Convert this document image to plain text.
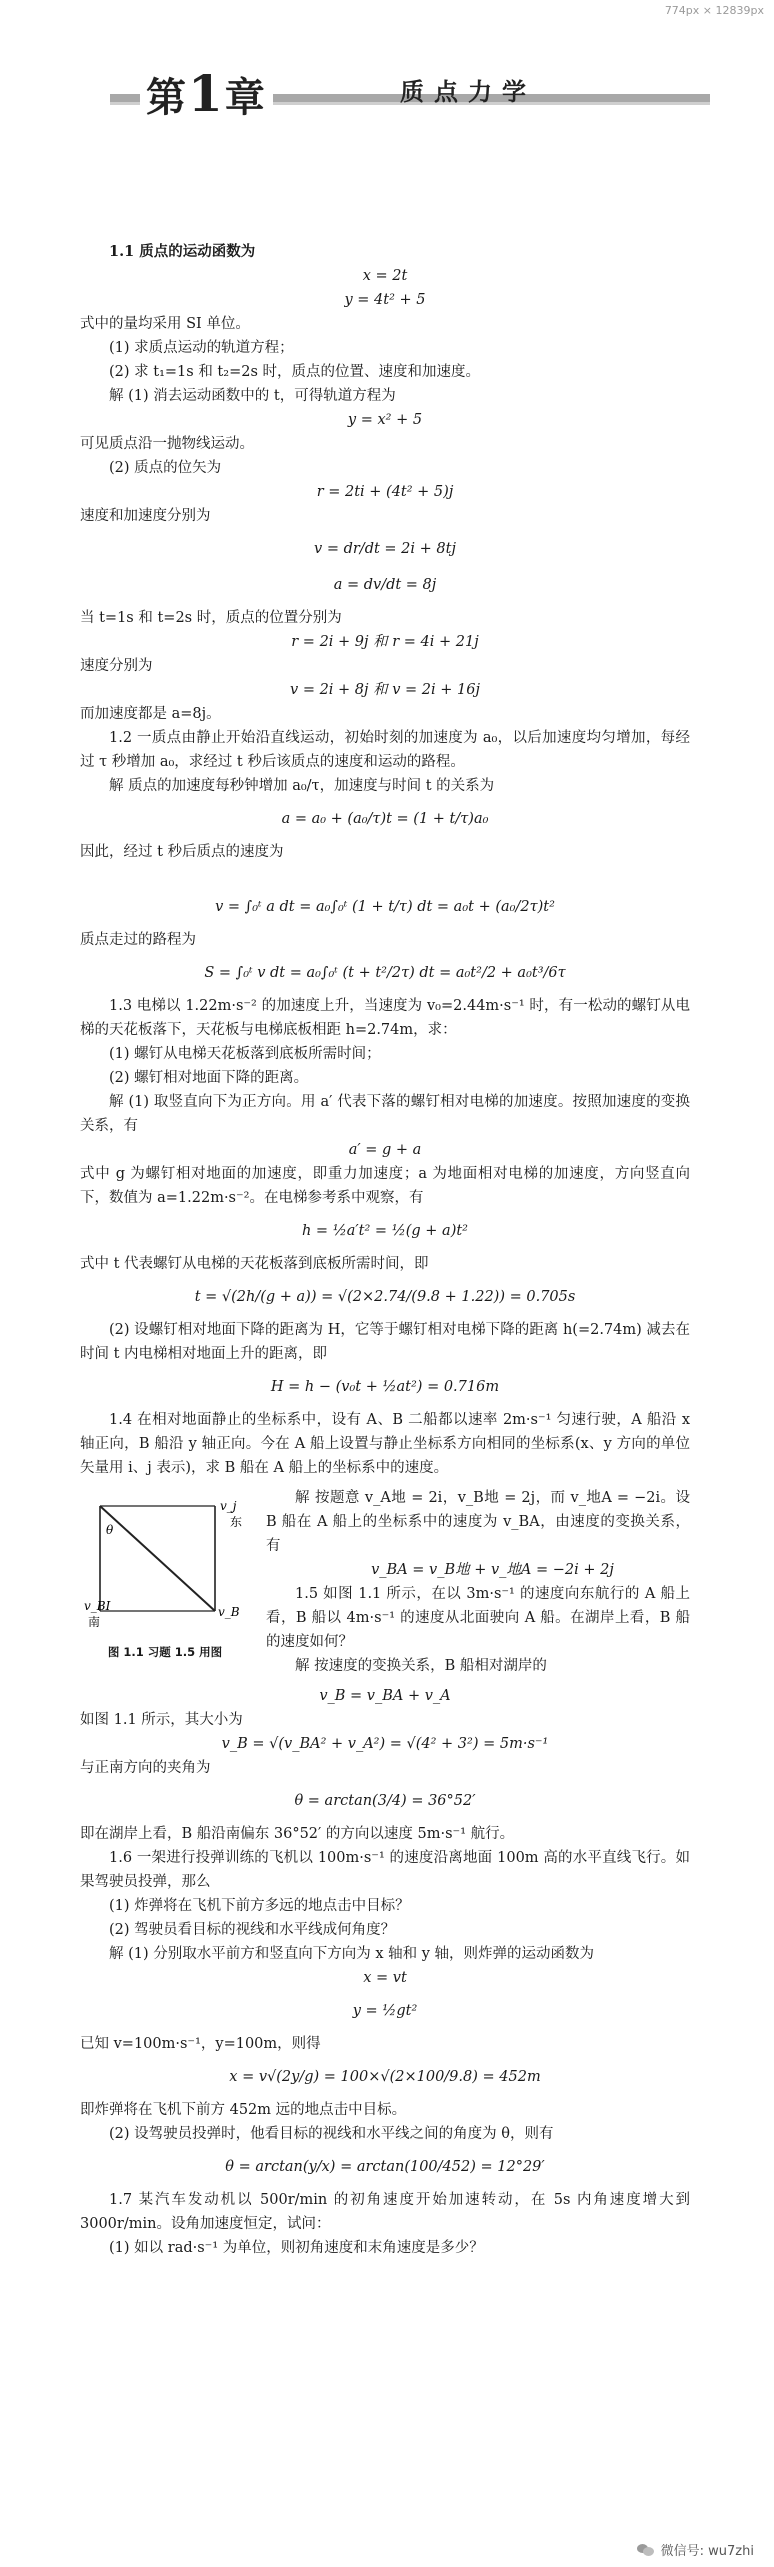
774px × 12839px
第1章	质点力学

1.1 质点的运动函数为

x = 2t
y = 4t² + 5

式中的量均采用 SI 单位。

(1) 求质点运动的轨道方程；

(2) 求 t₁=1s 和 t₂=2s 时，质点的位置、速度和加速度。

解 (1) 消去运动函数中的 t，可得轨道方程为

y = x² + 5

可见质点沿一抛物线运动。

(2) 质点的位矢为

r = 2ti + (4t² + 5)j

速度和加速度分别为

v = dr/dt = 2i + 8tj
a = dv/dt = 8j

当 t=1s 和 t=2s 时，质点的位置分别为

r = 2i + 9j 和 r = 4i + 21j

速度分别为

v = 2i + 8j 和 v = 2i + 16j

而加速度都是 a=8j。

1.2 一质点由静止开始沿直线运动，初始时刻的加速度为 a₀，以后加速度均匀增加，每经过 τ 秒增加 a₀，求经过 t 秒后该质点的速度和运动的路程。

解 质点的加速度每秒钟增加 a₀/τ，加速度与时间 t 的关系为

a = a₀ + (a₀/τ)t = (1 + t/τ)a₀

因此，经过 t 秒后质点的速度为

v = ∫₀ᵗ a dt = a₀∫₀ᵗ (1 + t/τ) dt = a₀t + (a₀/2τ)t²

质点走过的路程为

S = ∫₀ᵗ v dt = a₀∫₀ᵗ (t + t²/2τ) dt = a₀t²/2 + a₀t³/6τ

1.3 电梯以 1.22m·s⁻² 的加速度上升，当速度为 v₀=2.44m·s⁻¹ 时，有一松动的螺钉从电梯的天花板落下，天花板与电梯底板相距 h=2.74m，求：

(1) 螺钉从电梯天花板落到底板所需时间；

(2) 螺钉相对地面下降的距离。

解 (1) 取竖直向下为正方向。用 a′ 代表下落的螺钉相对电梯的加速度。按照加速度的变换关系，有

a′ = g + a

式中 g 为螺钉相对地面的加速度，即重力加速度；a 为地面相对电梯的加速度，方向竖直向下，数值为 a=1.22m·s⁻²。在电梯参考系中观察，有

h = ½a′t² = ½(g + a)t²

式中 t 代表螺钉从电梯的天花板落到底板所需时间，即

t = √(2h/(g + a)) = √(2×2.74/(9.8 + 1.22)) = 0.705s

(2) 设螺钉相对地面下降的距离为 H，它等于螺钉相对电梯下降的距离 h(=2.74m) 减去在时间 t 内电梯相对地面上升的距离，即

H = h − (v₀t + ½at²) = 0.716m

1.4 在相对地面静止的坐标系中，设有 A、B 二船都以速率 2m·s⁻¹ 匀速行驶，A 船沿 x 轴正向，B 船沿 y 轴正向。今在 A 船上设置与静止坐标系方向相同的坐标系(x、y 方向的单位矢量用 i、j 表示)，求 B 船在 A 船上的坐标系中的速度。

v_j
东
θ
南
v_BI	v_B
图 1.1 习题 1.5 用图

解 按题意 v_A地 = 2i，v_B地 = 2j，而 v_地A = −2i。设 B 船在 A 船上的坐标系中的速度为 v_BA，由速度的变换关系，有

v_BA = v_B地 + v_地A = −2i + 2j

1.5 如图 1.1 所示，在以 3m·s⁻¹ 的速度向东航行的 A 船上看，B 船以 4m·s⁻¹ 的速度从北面驶向 A 船。在湖岸上看，B 船的速度如何？

解 按速度的变换关系，B 船相对湖岸的

v_B = v_BA + v_A

如图 1.1 所示，其大小为

v_B = √(v_BA² + v_A²) = √(4² + 3²) = 5m·s⁻¹

与正南方向的夹角为

θ = arctan(3/4) = 36°52′

即在湖岸上看，B 船沿南偏东 36°52′ 的方向以速度 5m·s⁻¹ 航行。

1.6 一架进行投弹训练的飞机以 100m·s⁻¹ 的速度沿离地面 100m 高的水平直线飞行。如果驾驶员投弹，那么

(1) 炸弹将在飞机下前方多远的地点击中目标？

(2) 驾驶员看目标的视线和水平线成何角度？

解 (1) 分别取水平前方和竖直向下方向为 x 轴和 y 轴，则炸弹的运动函数为

x = vt
y = ½gt²

已知 v=100m·s⁻¹，y=100m，则得

x = v√(2y/g) = 100×√(2×100/9.8) = 452m

即炸弹将在飞机下前方 452m 远的地点击中目标。

(2) 设驾驶员投弹时，他看目标的视线和水平线之间的角度为 θ，则有

θ = arctan(y/x) = arctan(100/452) = 12°29′

1.7 某汽车发动机以 500r/min 的初角速度开始加速转动，在 5s 内角速度增大到 3000r/min。设角加速度恒定，试问：

(1) 如以 rad·s⁻¹ 为单位，则初角速度和末角速度是多少？

微信号: wu7zhi
